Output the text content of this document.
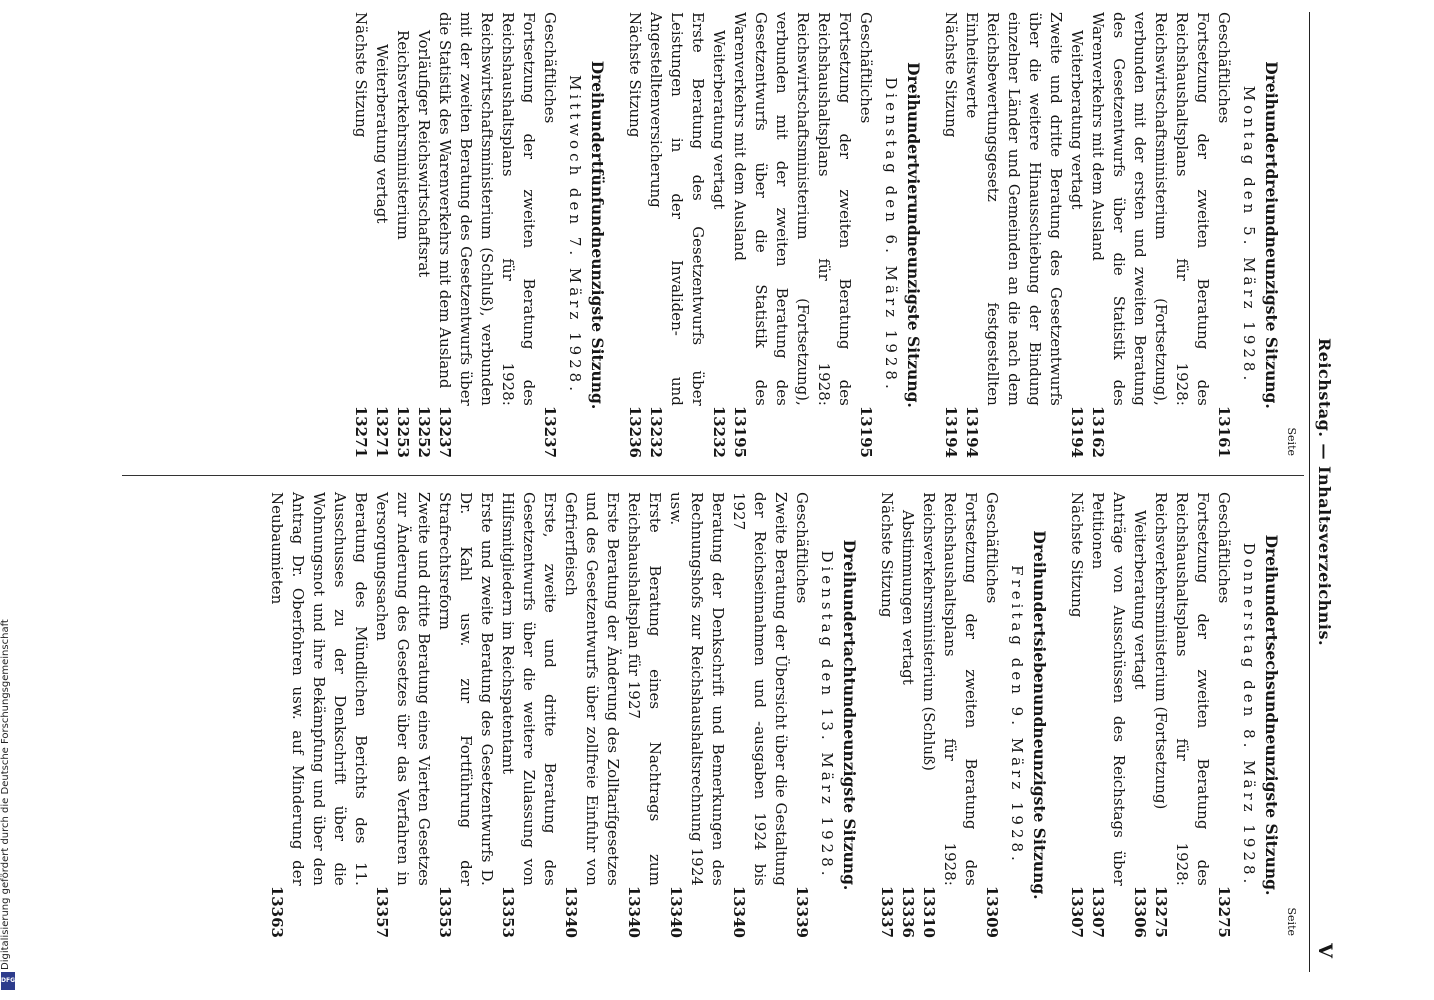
Reichstag. — Inhaltsverzeichnis.
V
Seite
Dreihundertdreiundneunzigste Sitzung.
Montag den 5. März 1928.
Geschäftliches
13161
Fortsetzung der zweiten Beratung des Reichshaushaltsplans für 1928: Reichswirtschaftsministerium (Fortsetzung), verbunden mit der ersten und zweiten Beratung des Gesetzentwurfs über die Statistik des Warenverkehrs mit dem Ausland
13162
Weiterberatung vertagt
13194
Zweite und dritte Beratung des Gesetzentwurfs über die weitere Hinausschiebung der Bindung einzelner Länder und Gemeinden an die nach dem Reichsbewertungsgesetz festgestellten Einheitswerte
13194
Nächste Sitzung
13194
Dreihundertvierundneunzigste Sitzung.
Dienstag den 6. März 1928.
Geschäftliches
13195
Fortsetzung der zweiten Beratung des Reichshaushaltsplans für 1928: Reichswirtschaftsministerium (Fortsetzung), verbunden mit der zweiten Beratung des Gesetzentwurfs über die Statistik des Warenverkehrs mit dem Ausland
13195
Weiterberatung vertagt
13232
Erste Beratung des Gesetzentwurfs über Leistungen in der Invaliden- und Angestelltenversicherung
13232
Nächste Sitzung
13236
Dreihundertfünfundneunzigste Sitzung.
Mittwoch den 7. März 1928.
Geschäftliches
13237
Fortsetzung der zweiten Beratung des Reichshaushaltsplans für 1928: Reichswirtschaftsministerium (Schluß), verbunden mit der zweiten Beratung des Gesetzentwurfs über die Statistik des Warenverkehrs mit dem Ausland
13237
Vorläufiger Reichswirtschaftsrat
13252
Reichsverkehrsministerium
13253
Weiterberatung vertagt
13271
Nächste Sitzung
13271
Seite
Dreihundertsechsundneunzigste Sitzung.
Donnerstag den 8. März 1928.
Geschäftliches
13275
Fortsetzung der zweiten Beratung des Reichshaushaltsplans für 1928: Reichsverkehrsministerium (Fortsetzung)
13275
Weiterberatung vertagt
13306
Anträge von Ausschüssen des Reichstags über Petitionen
13307
Nächste Sitzung
13307
Dreihundertsiebenundneunzigste Sitzung.
Freitag den 9. März 1928.
Geschäftliches
13309
Fortsetzung der zweiten Beratung des Reichshaushaltsplans für 1928: Reichsverkehrsministerium (Schluß)
13310
Abstimmungen vertagt
13336
Nächste Sitzung
13337
Dreihundertachtundneunzigste Sitzung.
Dienstag den 13. März 1928.
Geschäftliches
13339
Zweite Beratung der Übersicht über die Gestaltung der Reichseinnahmen und -ausgaben 1924 bis 1927
13340
Beratung der Denkschrift und Bemerkungen des Rechnungshofs zur Reichshaushaltsrechnung 1924 usw.
13340
Erste Beratung eines Nachtrags zum Reichshaushaltsplan für 1927
13340
Erste Beratung der Änderung des Zolltarifgesetzes und des Gesetzentwurfs über zollfreie Einfuhr von Gefrierfleisch
13340
Erste, zweite und dritte Beratung des Gesetzentwurfs über die weitere Zulassung von Hilfsmitgliedern im Reichspatentamt
13353
Erste und zweite Beratung des Gesetzentwurfs D. Dr. Kahl usw. zur Fortführung der Strafrechtsreform
13353
Zweite und dritte Beratung eines Vierten Gesetzes zur Änderung des Gesetzes über das Verfahren in Versorgungssachen
13357
Beratung des Mündlichen Berichts des 11. Ausschusses zu der Denkschrift über die Wohnungsnot und ihre Bekämpfung und über den Antrag Dr. Oberfohren usw. auf Minderung der Neubaumieten
13363
Digitalisierung gefördert durch die Deutsche Forschungsgemeinschaft
DFG
